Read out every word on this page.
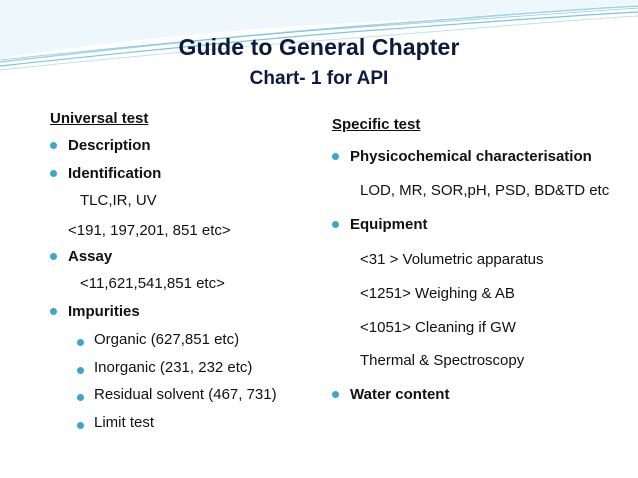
Guide to General Chapter
Chart- 1 for API
Universal test
Description
Identification
TLC,IR, UV
<191, 197,201, 851 etc>
Assay
<11,621,541,851 etc>
Impurities
Organic (627,851 etc)
Inorganic (231, 232 etc)
Residual solvent (467, 731)
Limit test
Specific test
Physicochemical characterisation
LOD, MR, SOR,pH, PSD, BD&TD etc
Equipment
<31 > Volumetric apparatus
<1251> Weighing & AB
<1051> Cleaning if GW
Thermal & Spectroscopy
Water content
